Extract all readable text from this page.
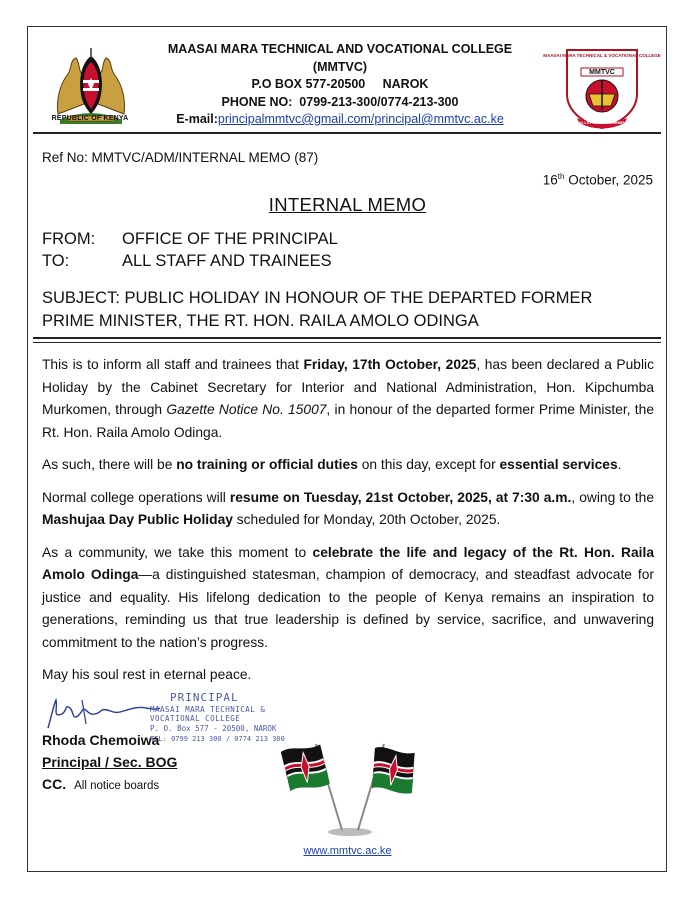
REPUBLIC OF KENYA
MAASAI MARA TECHNICAL AND VOCATIONAL COLLEGE
(MMTVC)
P.O BOX 577-20500     NAROK
PHONE NO:  0799-213-300/0774-213-300
E-mail:principalmmtvc@gmail.com/principal@mmtvc.ac.ke
MAASAI MARA TECHNICAL & VOCATIONAL COLLEGE
MMTVC
SKILLS FOR EMPOWERMENT
Ref No: MMTVC/ADM/INTERNAL MEMO (87)
16th October, 2025
INTERNAL MEMO
FROM: OFFICE OF THE PRINCIPAL
TO:	ALL STAFF AND TRAINEES
SUBJECT: PUBLIC HOLIDAY IN HONOUR OF THE DEPARTED FORMER
PRIME MINISTER, THE RT. HON. RAILA AMOLO ODINGA

This is to inform all staff and trainees that Friday, 17th October, 2025, has been declared a Public Holiday by the Cabinet Secretary for Interior and National Administration, Hon. Kipchumba Murkomen, through Gazette Notice No. 15007, in honour of the departed former Prime Minister, the Rt. Hon. Raila Amolo Odinga.

As such, there will be no training or official duties on this day, except for essential services.

Normal college operations will resume on Tuesday, 21st October, 2025, at 7:30 a.m., owing to the Mashujaa Day Public Holiday scheduled for Monday, 20th October, 2025.

As a community, we take this moment to celebrate the life and legacy of the Rt. Hon. Raila Amolo Odinga—a distinguished statesman, champion of democracy, and steadfast advocate for justice and equality. His lifelong dedication to the people of Kenya remains an inspiration to generations, reminding us that true leadership is defined by service, sacrifice, and unwavering commitment to the nation’s progress.

May his soul rest in eternal peace.

PRINCIPAL
MAASAI MARA TECHNICAL &
VOCATIONAL COLLEGE
P. O. Box 577 - 20500, NAROK
TEL: 0799 213 300 / 0774 213 300
Rhoda Chemoiwa
Principal / Sec. BOG
CC. All notice boards
www.mmtvc.ac.ke
